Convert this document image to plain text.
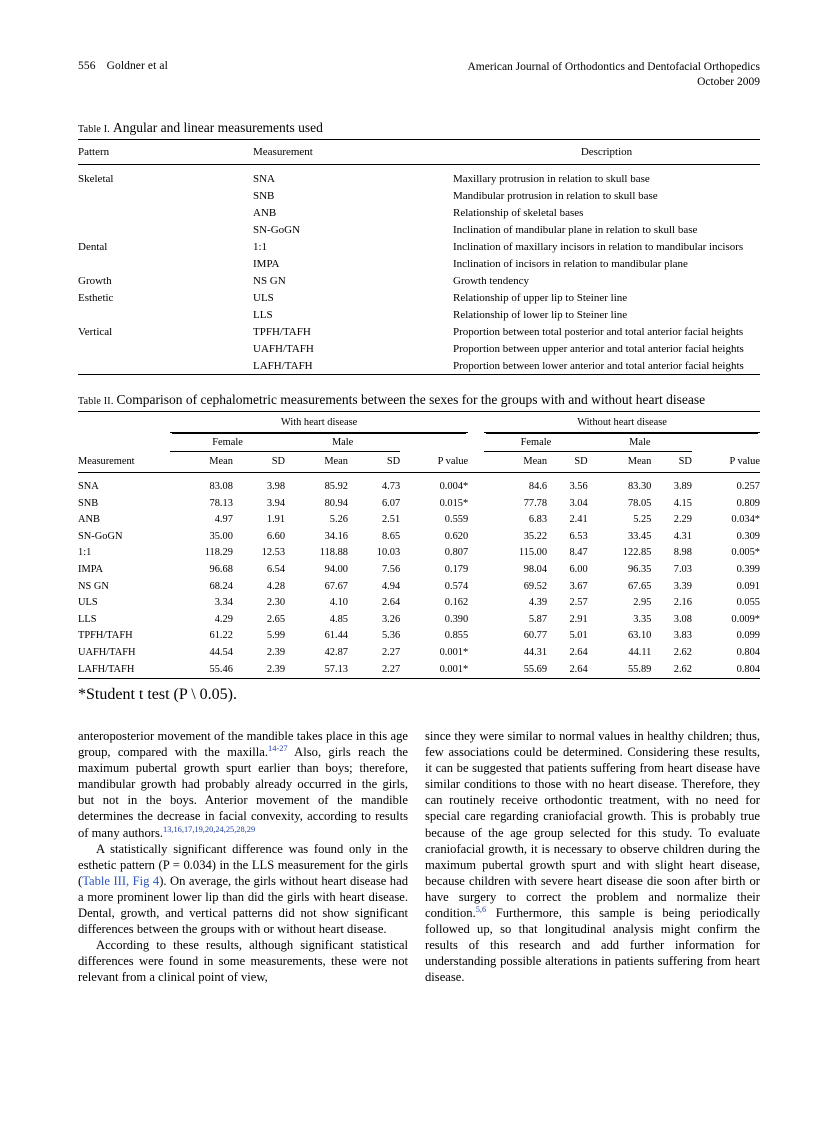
556 Goldner et al	American Journal of Orthodontics and Dentofacial Orthopedics
October 2009
Table I. Angular and linear measurements used
Pattern	Measurement	Description
Skeletal	SNA	Maxillary protrusion in relation to skull base
	SNB	Mandibular protrusion in relation to skull base
	ANB	Relationship of skeletal bases
	SN-GoGN	Inclination of mandibular plane in relation to skull base
Dental	1:1	Inclination of maxillary incisors in relation to mandibular incisors
	IMPA	Inclination of incisors in relation to mandibular plane
Growth	NS GN	Growth tendency
Esthetic	ULS	Relationship of upper lip to Steiner line
	LLS	Relationship of lower lip to Steiner line
Vertical	TPFH/TAFH	Proportion between total posterior and total anterior facial heights
	UAFH/TAFH	Proportion between upper anterior and total anterior facial heights
	LAFH/TAFH	Proportion between lower anterior and total anterior facial heights

Table II. Comparison of cephalometric measurements between the sexes for the groups with and without heart disease
	With heart disease						Without heart disease				
	Female		Male				Female		Male		
Measurement	Mean	SD	Mean	SD	P value		Mean	SD	Mean	SD	P value
SNA	83.08	3.98	85.92	4.73	0.004*		84.6	3.56	83.30	3.89	0.257
SNB	78.13	3.94	80.94	6.07	0.015*		77.78	3.04	78.05	4.15	0.809
ANB	4.97	1.91	5.26	2.51	0.559		6.83	2.41	5.25	2.29	0.034*
SN-GoGN	35.00	6.60	34.16	8.65	0.620		35.22	6.53	33.45	4.31	0.309
1:1	118.29	12.53	118.88	10.03	0.807		115.00	8.47	122.85	8.98	0.005*
IMPA	96.68	6.54	94.00	7.56	0.179		98.04	6.00	96.35	7.03	0.399
NS GN	68.24	4.28	67.67	4.94	0.574		69.52	3.67	67.65	3.39	0.091
ULS	3.34	2.30	4.10	2.64	0.162		4.39	2.57	2.95	2.16	0.055
LLS	4.29	2.65	4.85	3.26	0.390		5.87	2.91	3.35	3.08	0.009*
TPFH/TAFH	61.22	5.99	61.44	5.36	0.855		60.77	5.01	63.10	3.83	0.099
UAFH/TAFH	44.54	2.39	42.87	2.27	0.001*		44.31	2.64	44.11	2.62	0.804
LAFH/TAFH	55.46	2.39	57.13	2.27	0.001*		55.69	2.64	55.89	2.62	0.804

*Student t test (P \ 0.05).

anteroposterior movement of the mandible takes place in this age group, compared with the maxilla.$^{14-27}$ Also, girls reach the maximum pubertal growth spurt earlier than boys; therefore, mandibular growth had probably already occurred in the girls, but not in the boys. Anterior movement of the mandible determines the decrease in facial convexity, according to results of many authors.$^{13,16,17,19,20,24,25,28,29}$

A statistically significant difference was found only in the esthetic pattern (P = 0.034) in the LLS measurement for the girls (Table III, Fig 4). On average, the girls without heart disease had a more prominent lower lip than did the girls with heart disease. Dental, growth, and vertical patterns did not show significant differences between the groups with or without heart disease.

According to these results, although significant statistical differences were found in some measurements, these were not relevant from a clinical point of view,

since they were similar to normal values in healthy children; thus, few associations could be determined. Considering these results, it can be suggested that patients suffering from heart disease have similar conditions to those with no heart disease. Therefore, they can routinely receive orthodontic treatment, with no need for special care regarding craniofacial growth. This is probably true because of the age group selected for this study. To evaluate craniofacial growth, it is necessary to observe children during the maximum pubertal growth spurt and with slight heart disease, because children with severe heart disease die soon after birth or have surgery to correct the problem and normalize their condition.$^{5,6}$ Furthermore, this sample is being periodically followed up, so that longitudinal analysis might confirm the results of this research and add further information for understanding possible alterations in patients suffering from heart disease.
